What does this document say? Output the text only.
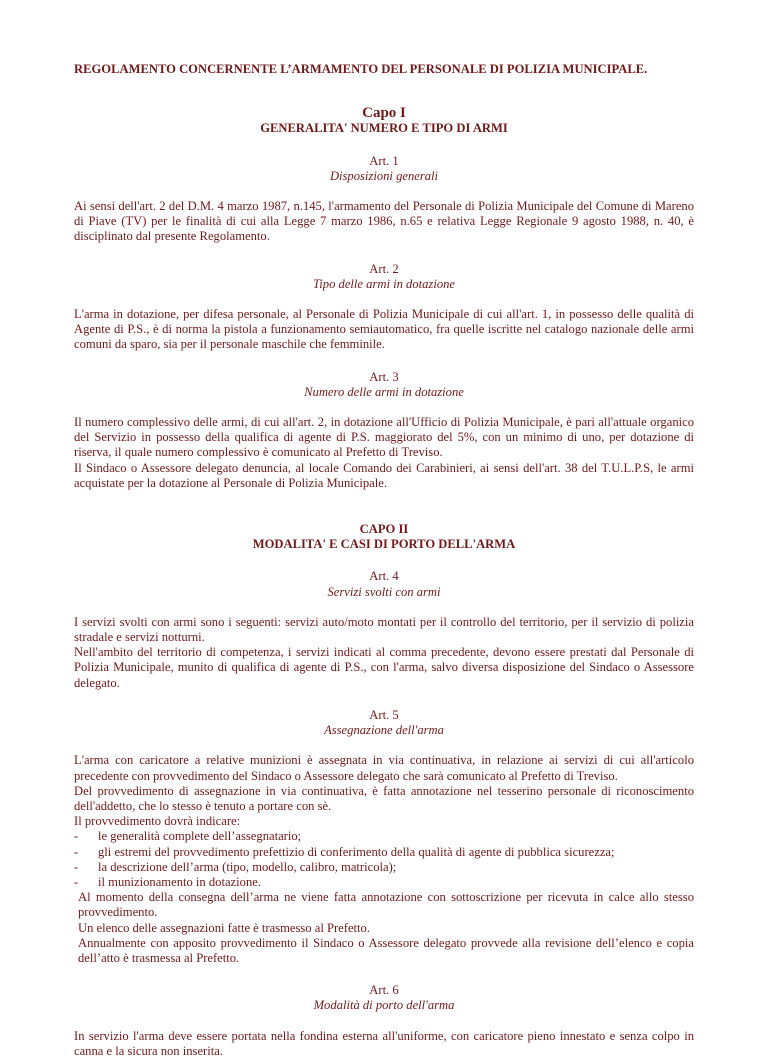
REGOLAMENTO CONCERNENTE L’ARMAMENTO DEL PERSONALE DI POLIZIA MUNICIPALE.
Capo I
GENERALITA' NUMERO E TIPO DI ARMI
Art. 1
Disposizioni generali

Ai sensi dell'art. 2 del D.M. 4 marzo 1987, n.145, l'armamento del Personale di Polizia Municipale del Comune di Mareno di Piave (TV) per le finalità di cui alla Legge 7 marzo 1986, n.65 e relativa Legge Regionale 9 agosto 1988, n. 40, è disciplinato dal presente Regolamento.

Art. 2
Tipo delle armi in dotazione

L'arma in dotazione, per difesa personale, al Personale di Polizia Municipale di cui all'art. 1, in possesso delle qualità di Agente di P.S., è di norma la pistola a funzionamento semiautomatico, fra quelle iscritte nel catalogo nazionale delle armi comuni da sparo, sia per il personale maschile che femminile.

Art. 3
Numero delle armi in dotazione

Il numero complessivo delle armi, di cui all'art. 2, in dotazione all'Ufficio di Polizia Municipale, è pari all'attuale organico del Servizio in possesso della qualifica di agente di P.S. maggiorato del 5%, con un minimo di uno, per dotazione di riserva, il quale numero complessivo è comunicato al Prefetto di Treviso.

Il Sindaco o Assessore delegato denuncia, al locale Comando dei Carabinieri, ai sensi dell'art. 38 del T.U.L.P.S, le armi acquistate per la dotazione al Personale di Polizia Municipale.

CAPO II
MODALITA' E CASI DI PORTO DELL'ARMA
Art. 4
Servizi svolti con armi

I servizi svolti con armi sono i seguenti: servizi auto/moto montati per il controllo del territorio, per il servizio di polizia stradale e servizi notturni.

Nell'ambito del territorio di competenza, i servizi indicati al comma precedente, devono essere prestati dal Personale di Polizia Municipale, munito di qualifica di agente di P.S., con l'arma, salvo diversa disposizione del Sindaco o Assessore delegato.

Art. 5
Assegnazione dell'arma

L'arma con caricatore a relative munizioni è assegnata in via continuativa, in relazione ai servizi di cui all'articolo precedente con provvedimento del Sindaco o Assessore delegato che sarà comunicato al Prefetto di Treviso.

Del provvedimento di assegnazione in via continuativa, è fatta annotazione nel tesserino personale di riconoscimento dell'addetto, che lo stesso è tenuto a portare con sè.

Il provvedimento dovrà indicare:

- le generalità complete dell’assegnatario;
- gli estremi del provvedimento prefettizio di conferimento della qualità di agente di pubblica sicurezza;
- la descrizione dell’arma (tipo, modello, calibro, matricola);
- il munizionamento in dotazione.

Al momento della consegna dell’arma ne viene fatta annotazione con sottoscrizione per ricevuta in calce allo stesso provvedimento.

Un elenco delle assegnazioni fatte è trasmesso al Prefetto.

Annualmente con apposito provvedimento il Sindaco o Assessore delegato provvede alla revisione dell’elenco e copia dell’atto è trasmessa al Prefetto.

Art. 6
Modalità di porto dell'arma

In servizio l'arma deve essere portata nella fondina esterna all'uniforme, con caricatore pieno innestato e senza colpo in canna e la sicura non inserita.
